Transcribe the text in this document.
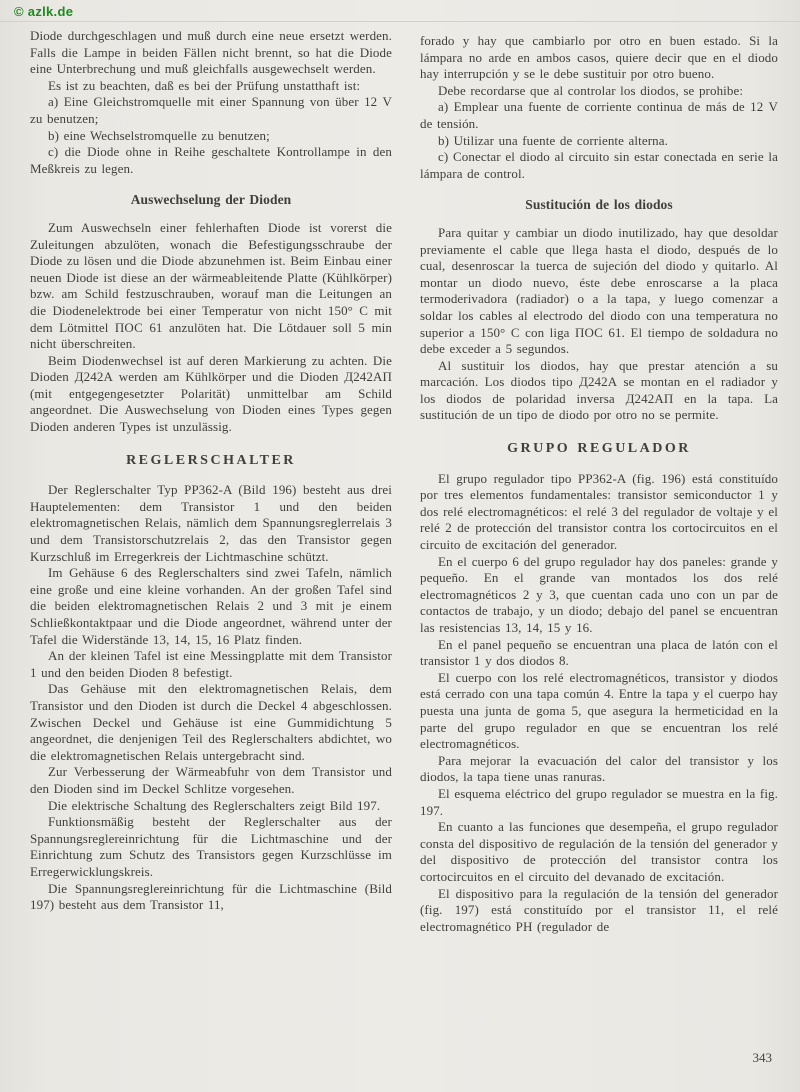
© azlk.de

Diode durchgeschlagen und muß durch eine neue ersetzt werden. Falls die Lampe in beiden Fällen nicht brennt, so hat die Diode eine Unterbrechung und muß gleichfalls ausgewechselt werden.

Es ist zu beachten, daß es bei der Prüfung unstatthaft ist:

a) Eine Gleichstromquelle mit einer Spannung von über 12 V zu benutzen;

b) eine Wechselstromquelle zu benutzen;

c) die Diode ohne in Reihe geschaltete Kontrollampe in den Meßkreis zu legen.

Auswechselung der Dioden

Zum Auswechseln einer fehlerhaften Diode ist vorerst die Zuleitungen abzulöten, wonach die Befestigungsschraube der Diode zu lösen und die Diode abzunehmen ist. Beim Einbau einer neuen Diode ist diese an der wärmeableitende Platte (Kühlkörper) bzw. am Schild festzuschrauben, worauf man die Leitungen an die Diodenelektrode bei einer Temperatur von nicht 150° C mit dem Lötmittel ПОС 61 anzulöten hat. Die Lötdauer soll 5 min nicht überschreiten.

Beim Diodenwechsel ist auf deren Markierung zu achten. Die Dioden Д242А werden am Kühlkörper und die Dioden Д242АП (mit entgegengesetzter Polarität) unmittelbar am Schild angeordnet. Die Auswechselung von Dioden eines Types gegen Dioden anderen Types ist unzulässig.

REGLERSCHALTER

Der Reglerschalter Typ PP362-A (Bild 196) besteht aus drei Hauptelementen: dem Transistor 1 und den beiden elektromagnetischen Relais, nämlich dem Spannungsreglerrelais 3 und dem Transistorschutzrelais 2, das den Transistor gegen Kurzschluß im Erregerkreis der Lichtmaschine schützt.

Im Gehäuse 6 des Reglerschalters sind zwei Tafeln, nämlich eine große und eine kleine vorhanden. An der großen Tafel sind die beiden elektromagnetischen Relais 2 und 3 mit je einem Schließkontaktpaar und die Diode angeordnet, während unter der Tafel die Widerstände 13, 14, 15, 16 Platz finden.

An der kleinen Tafel ist eine Messingplatte mit dem Transistor 1 und den beiden Dioden 8 befestigt.

Das Gehäuse mit den elektromagnetischen Relais, dem Transistor und den Dioden ist durch die Deckel 4 abgeschlossen. Zwischen Deckel und Gehäuse ist eine Gummidichtung 5 angeordnet, die denjenigen Teil des Reglerschalters abdichtet, wo die elektromagnetischen Relais untergebracht sind.

Zur Verbesserung der Wärmeabfuhr von dem Transistor und den Dioden sind im Deckel Schlitze vorgesehen.

Die elektrische Schaltung des Reglerschalters zeigt Bild 197.

Funktionsmäßig besteht der Reglerschalter aus der Spannungsreglereinrichtung für die Lichtmaschine und der Einrichtung zum Schutz des Transistors gegen Kurzschlüsse im Erregerwicklungskreis.

Die Spannungsreglereinrichtung für die Lichtmaschine (Bild 197) besteht aus dem Transistor 11,

forado y hay que cambiarlo por otro en buen estado. Si la lámpara no arde en ambos casos, quiere decir que en el diodo hay interrupción y se le debe sustituir por otro bueno.

Debe recordarse que al controlar los diodos, se prohibe:

a) Emplear una fuente de corriente continua de más de 12 V de tensión.

b) Utilizar una fuente de corriente alterna.

c) Conectar el diodo al circuito sin estar conectada en serie la lámpara de control.

Sustitución de los diodos

Para quitar y cambiar un diodo inutilizado, hay que desoldar previamente el cable que llega hasta el diodo, después de lo cual, desenroscar la tuerca de sujeción del diodo y quitarlo. Al montar un diodo nuevo, éste debe enroscarse a la placa termoderivadora (radiador) o a la tapa, y luego comenzar a soldar los cables al electrodo del diodo con una temperatura no superior a 150° C con liga ПОС 61. El tiempo de soldadura no debe exceder a 5 segundos.

Al sustituir los diodos, hay que prestar atención a su marcación. Los diodos tipo Д242А se montan en el radiador y los diodos de polaridad inversa Д242АП en la tapa. La sustitución de un tipo de diodo por otro no se permite.

GRUPO REGULADOR

El grupo regulador tipo PP362-A (fig. 196) está constituído por tres elementos fundamentales: transistor semiconductor 1 y dos relé electromagnéticos: el relé 3 del regulador de voltaje y el relé 2 de protección del transistor contra los cortocircuitos en el circuito de excitación del generador.

En el cuerpo 6 del grupo regulador hay dos paneles: grande y pequeño. En el grande van montados los dos relé electromagnéticos 2 y 3, que cuentan cada uno con un par de contactos de trabajo, y un diodo; debajo del panel se encuentran las resistencias 13, 14, 15 y 16.

En el panel pequeño se encuentran una placa de latón con el transistor 1 y dos diodos 8.

El cuerpo con los relé electromagnéticos, transistor y diodos está cerrado con una tapa común 4. Entre la tapa y el cuerpo hay puesta una junta de goma 5, que asegura la hermeticidad en la parte del grupo regulador en que se encuentran los relé electromagnéticos.

Para mejorar la evacuación del calor del transistor y los diodos, la tapa tiene unas ranuras.

El esquema eléctrico del grupo regulador se muestra en la fig. 197.

En cuanto a las funciones que desempeña, el grupo regulador consta del dispositivo de regulación de la tensión del generador y del dispositivo de protección del transistor contra los cortocircuitos en el circuito del devanado de excitación.

El dispositivo para la regulación de la tensión del generador (fig. 197) está constituído por el transistor 11, el relé electromagnético PH (regulador de

343
